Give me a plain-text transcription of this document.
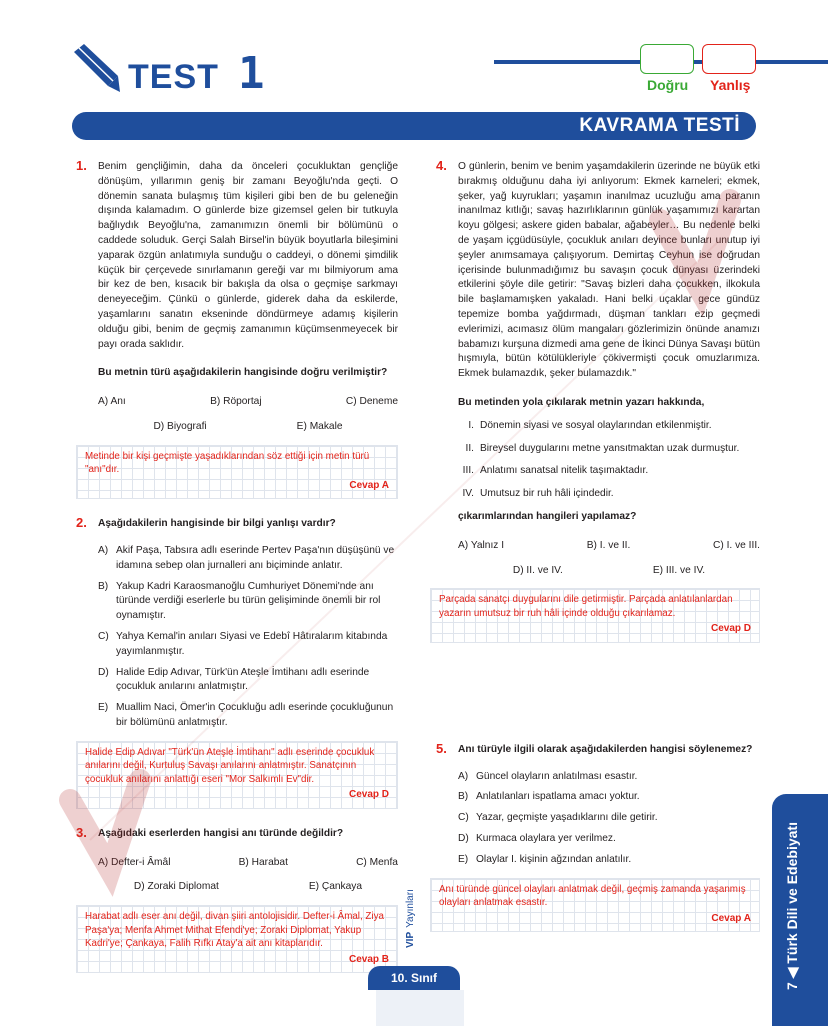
TEST 1	Doğru Yanlış
KAVRAMA TESTİ
1. Benim gençliğimin, daha da önceleri çocukluktan gençliğe dönüşüm, yıllarımın geniş bir zamanı Beyoğlu'nda geçti. O dönemin sanata bulaşmış tüm kişileri gibi ben de bu geleneğin dışında kalamadım. O günlerde bize gizemsel gelen bir tutkuyla bağlıydık Beyoğlu'na, zamanımızın önemli bir bölümünü o caddede soluduk. Gerçi Salah Birsel'in büyük boyutlarla bileşimini yaparak özgün anlatımıyla sunduğu o caddeyi, o dönemi şimdilik küçük bir çerçevede sınırlamanın gereği var mı bilmiyorum ama bir kez de ben, kısacık bir bakışla da olsa o geçmişe sarkmayı deneyeceğim. Çünkü o günlerde, giderek daha da eskilerde, yaşamlarını sanatın ekseninde döndürmeye adamış kişilerin olduğu gibi, benim de geçmiş zamanımın küçümsenmeyecek bir payı orada saklıdır.
Bu metnin türü aşağıdakilerin hangisinde doğru verilmiştir?
A) Anı	B) Röportaj	C) Deneme
D) Biyografi	E) Makale
Metinde bir kişi geçmişte yaşadıklarından söz ettiği için metin türü "anı"dır.
Cevap A
2. Aşağıdakilerin hangisinde bir bilgi yanlışı vardır?
A) Akif Paşa, Tabsıra adlı eserinde Pertev Paşa'nın düşüşünü ve idamına sebep olan jurnalleri anı biçiminde anlatır.
B) Yakup Kadri Karaosmanoğlu Cumhuriyet Dönemi'nde anı türünde verdiği eserlerle bu türün gelişiminde önemli bir rol oynamıştır.
C) Yahya Kemal'in anıları Siyasi ve Edebî Hâtıralarım kitabında yayımlanmıştır.
D) Halide Edip Adıvar, Türk'ün Ateşle İmtihanı adlı eserinde çocukluk anılarını anlatmıştır.
E) Muallim Naci, Ömer'in Çocukluğu adlı eserinde çocukluğunun bir bölümünü anlatmıştır.
Halide Edip Adıvar "Türk'ün Ateşle İmtihanı" adlı eserinde çocukluk anılarını değil, Kurtuluş Savaşı anılarını anlatmıştır. Sanatçının çocukluk anılarını anlattığı eseri "Mor Salkımlı Ev"dir.
Cevap D
3. Aşağıdaki eserlerden hangisi anı türünde değildir?
A) Defter-i Âmâl	B) Harabat	C) Menfa
D) Zoraki Diplomat	E) Çankaya
Harabat adlı eser anı değil, divan şiiri antolojisidir. Defter-i Âmal, Ziya Paşa'ya; Menfa Ahmet Mithat Efendi'ye; Zoraki Diplomat, Yakup Kadri'ye; Çankaya, Falih Rıfkı Atay'a ait anı kitaplarıdır.
Cevap B
4. O günlerin, benim ve benim yaşamdakilerin üzerinde ne büyük etki bırakmış olduğunu daha iyi anlıyorum: Ekmek karneleri; ekmek, şeker, yağ kuyrukları; yaşamın inanılmaz ucuzluğu ama paranın inanılmaz kıtlığı; savaş hazırlıklarının günlük yaşamımızı karartan koyu gölgesi; askere giden babalar, ağabeyler… Bu nedenle belki de yaşam içgüdüsüyle, çocukluk anıları deyince bunları unutup iyi şeyler anımsamaya çalışıyorum. Demirtaş Ceyhun ise doğrudan içerisinde bulunmadığımız bu savaşın çocuk dünyası üzerindeki etkilerini şöyle dile getirir: "Savaş bizleri daha çocukken, ilkokula bile başlamamışken yakaladı. Hani belki uçaklar gece gündüz tepemize bomba yağdırmadı, düşman tankları ezip geçmedi evlerimizi, acımasız ölüm mangaları gözlerimizin önünde anamızı babamızı kurşuna dizmedi ama gene de İkinci Dünya Savaşı bütün hışmıyla, bütün kötülükleriyle çökivermişti çocuk omuzlarımıza. Ekmek bulamazdık, şeker bulamazdık."
Bu metinden yola çıkılarak metnin yazarı hakkında,
I. Dönemin siyasi ve sosyal olaylarından etkilenmiştir.
II. Bireysel duygularını metne yansıtmaktan uzak durmuştur.
III. Anlatımı sanatsal nitelik taşımaktadır.
IV. Umutsuz bir ruh hâli içindedir.
çıkarımlarından hangileri yapılamaz?
A) Yalnız I	B) I. ve II.	C) I. ve III.
D) II. ve IV.	E) III. ve IV.
Parçada sanatçı duygularını dile getirmiştir. Parçada anlatılanlardan yazarın umutsuz bir ruh hâli içinde olduğu çıkarılamaz.
Cevap D
5. Anı türüyle ilgili olarak aşağıdakilerden hangisi söylenemez?
A) Güncel olayların anlatılması esastır.
B) Anlatılanları ispatlama amacı yoktur.
C) Yazar, geçmişte yaşadıklarını dile getirir.
D) Kurmaca olaylara yer verilmez.
E) Olaylar I. kişinin ağzından anlatılır.
Anı türünde güncel olayları anlatmak değil, geçmiş zamanda yaşanmış olayları anlatmak esastır.
Cevap A
VIPYayınları
7 ◀ Türk Dili ve Edebiyatı
10. Sınıf
